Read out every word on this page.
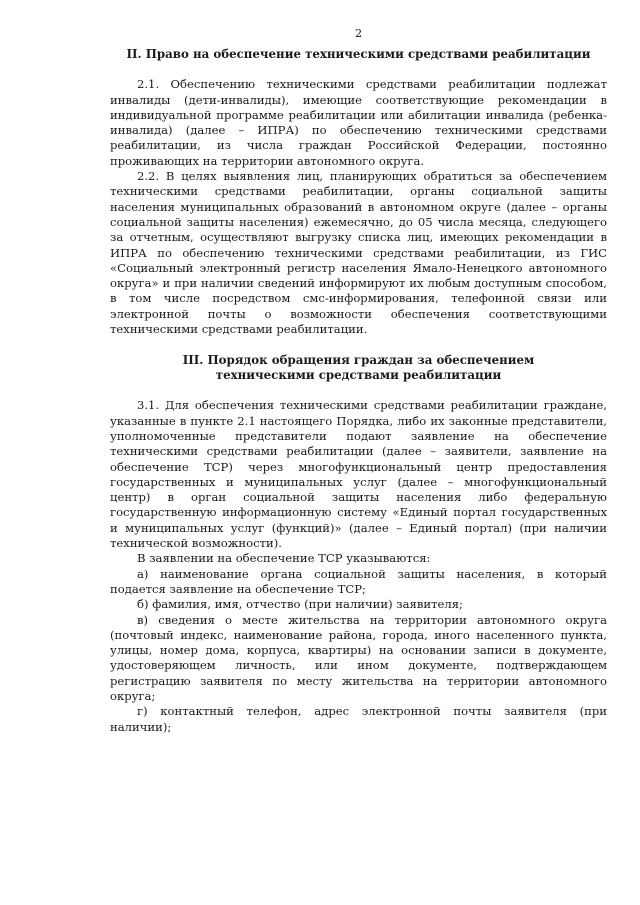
2
II. Право на обеспечение техническими средствами реабилитации

2.1. Обеспечению техническими средствами реабилитации подлежат инвалиды (дети-инвалиды), имеющие соответствующие рекомендации в индивидуальной программе реабилитации или абилитации инвалида (ребенка-инвалида) (далее – ИПРА) по обеспечению техническими средствами реабилитации, из числа граждан Российской Федерации, постоянно проживающих на территории автономного округа.

2.2. В целях выявления лиц, планирующих обратиться за обеспечением техническими средствами реабилитации, органы социальной защиты населения муниципальных образований в автономном округе (далее – органы социальной защиты населения) ежемесячно, до 05 числа месяца, следующего за отчетным, осуществляют выгрузку списка лиц, имеющих рекомендации в ИПРА по обеспечению техническими средствами реабилитации, из ГИС «Социальный электронный регистр населения Ямало-Ненецкого автономного округа» и при наличии сведений информируют их любым доступным способом, в том числе посредством смс-информирования, телефонной связи или электронной почты о возможности обеспечения соответствующими техническими средствами реабилитации.

III. Порядок обращения граждан за обеспечением
техническими средствами реабилитации

3.1. Для обеспечения техническими средствами реабилитации граждане, указанные в пункте 2.1 настоящего Порядка, либо их законные представители, уполномоченные представители подают заявление на обеспечение техническими средствами реабилитации (далее – заявители, заявление на обеспечение ТСР) через многофункциональный центр предоставления государственных и муниципальных услуг (далее – многофункциональный центр) в орган социальной защиты населения либо федеральную государственную информационную систему «Единый портал государственных и муниципальных услуг (функций)» (далее – Единый портал) (при наличии технической возможности).

В заявлении на обеспечение ТСР указываются:

а) наименование органа социальной защиты населения, в который подается заявление на обеспечение ТСР;

б) фамилия, имя, отчество (при наличии) заявителя;

в) сведения о месте жительства на территории автономного округа (почтовый индекс, наименование района, города, иного населенного пункта, улицы, номер дома, корпуса, квартиры) на основании записи в документе, удостоверяющем личность, или ином документе, подтверждающем регистрацию заявителя по месту жительства на территории автономного округа;

г) контактный телефон, адрес электронной почты заявителя (при наличии);
